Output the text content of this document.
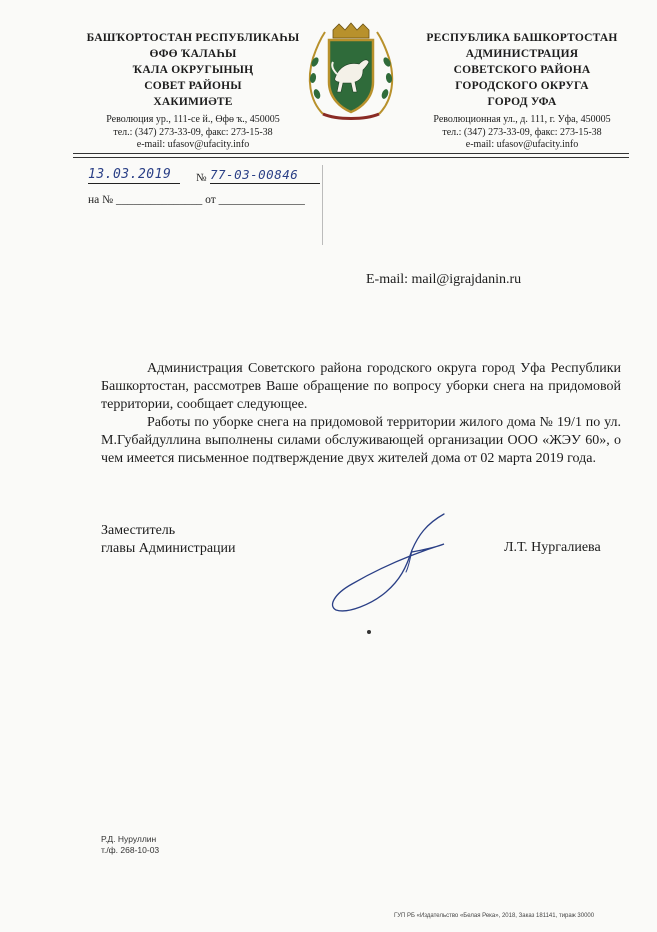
БАШҠОРТОСТАН РЕСПУБЛИКАҺЫ
ӨФӨ ҠАЛАҺЫ
ҠАЛА ОКРУГЫНЫҢ
СОВЕТ РАЙОНЫ
ХАКИМИӘТЕ
Революция ур., 111-се й., Өфө ҡ., 450005
тел.: (347) 273-33-09, факс: 273-15-38
e-mail: ufasov@ufacity.info
РЕСПУБЛИКА БАШКОРТОСТАН
АДМИНИСТРАЦИЯ
СОВЕТСКОГО РАЙОНА
ГОРОДСКОГО ОКРУГА
ГОРОД УФА
Революционная ул., д. 111, г. Уфа, 450005
тел.: (347) 273-33-09, факс: 273-15-38
e-mail: ufasov@ufacity.info
13.03.2019	№ 77-03-00846
на № _______________ от _______________
E-mail: mail@igrajdanin.ru

Администрация Советского района городского округа город Уфа Республики Башкортостан, рассмотрев Ваше обращение по вопросу уборки снега на придомовой территории, сообщает следующее.

Работы по уборке снега на придомовой территории жилого дома № 19/1 по ул. М.Губайдуллина выполнены силами обслуживающей организации ООО «ЖЭУ 60», о чем имеется письменное подтверждение двух жителей дома от 02 марта 2019 года.

Заместитель
главы Администрации	Л.Т. Нургалиева
Р.Д. Нуруллин
т./ф. 268-10-03
ГУП РБ «Издательство «Белая Река», 2018, Заказ 181141, тираж 30000
